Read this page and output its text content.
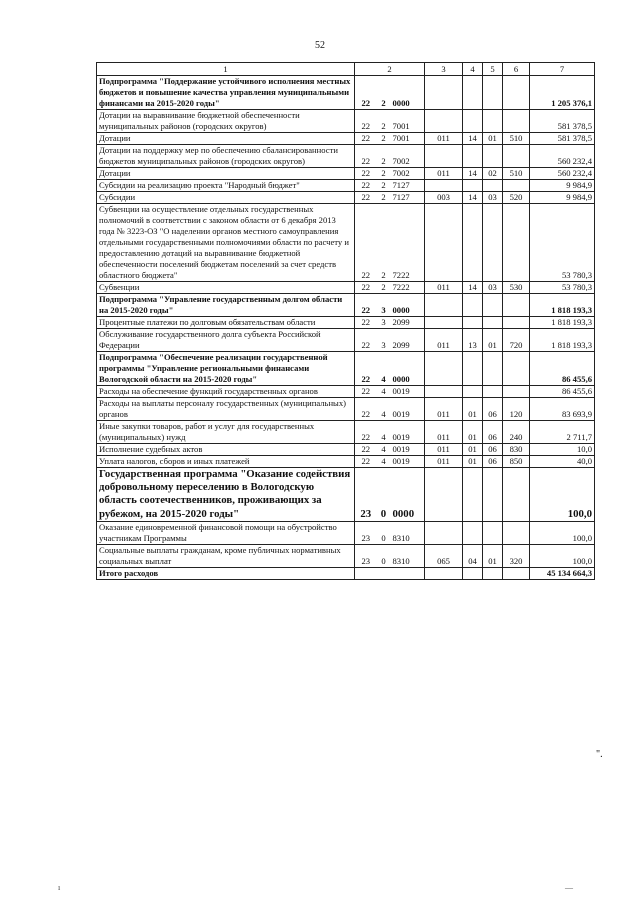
52
1	2			3	4	5	6	7
Подпрограмма "Поддержание устойчивого исполнения местных бюджетов и повышение качества управления муниципальными финансами на 2015-2020 годы"	22	2	0000					1 205 376,1
Дотации на выравнивание бюджетной обеспеченности муниципальных районов (городских округов)	22	2	7001					581 378,5
Дотации	22	2	7001	011	14	01	510	581 378,5
Дотации на поддержку мер по обеспечению сбалансированности бюджетов муниципальных районов (городских округов)	22	2	7002					560 232,4
Дотации	22	2	7002	011	14	02	510	560 232,4
Субсидии на реализацию проекта "Народный бюджет"	22	2	7127					9 984,9
Субсидии	22	2	7127	003	14	03	520	9 984,9
Субвенции на осуществление отдельных государственных полномочий в соответствии с законом области от 6 декабря 2013 года № 3223-ОЗ "О наделении органов местного самоуправления отдельными государственными полномочиями области по расчету и предоставлению дотаций на выравнивание бюджетной обеспеченности поселений бюджетам поселений за счет средств областного бюджета"	22	2	7222					53 780,3
Субвенции	22	2	7222	011	14	03	530	53 780,3
Подпрограмма "Управление государственным долгом области на 2015-2020 годы"	22	3	0000					1 818 193,3
Процентные платежи по долговым обязательствам области	22	3	2099					1 818 193,3
Обслуживание государственного долга субъекта Российской Федерации	22	3	2099	011	13	01	720	1 818 193,3
Подпрограмма "Обеспечение реализации государственной программы "Управление региональными финансами Вологодской области на 2015-2020 годы"	22	4	0000					86 455,6
Расходы на обеспечение функций государственных органов	22	4	0019					86 455,6
Расходы на выплаты персоналу государственных (муниципальных) органов	22	4	0019	011	01	06	120	83 693,9
Иные закупки товаров, работ и услуг для государственных (муниципальных) нужд	22	4	0019	011	01	06	240	2 711,7
Исполнение судебных актов	22	4	0019	011	01	06	830	10,0
Уплата налогов, сборов и иных платежей	22	4	0019	011	01	06	850	40,0
Государственная программа "Оказание содействия добровольному переселению в Вологодскую область соотечественников, проживающих за рубежом, на 2015-2020 годы"	23	0	0000					100,0
Оказание единовременной финансовой помощи на обустройство участникам Программы	23	0	8310					100,0
Социальные выплаты гражданам, кроме публичных нормативных социальных выплат	23	0	8310	065	04	01	320	100,0
Итого расходов								45 134 664,3
".
ı	—
